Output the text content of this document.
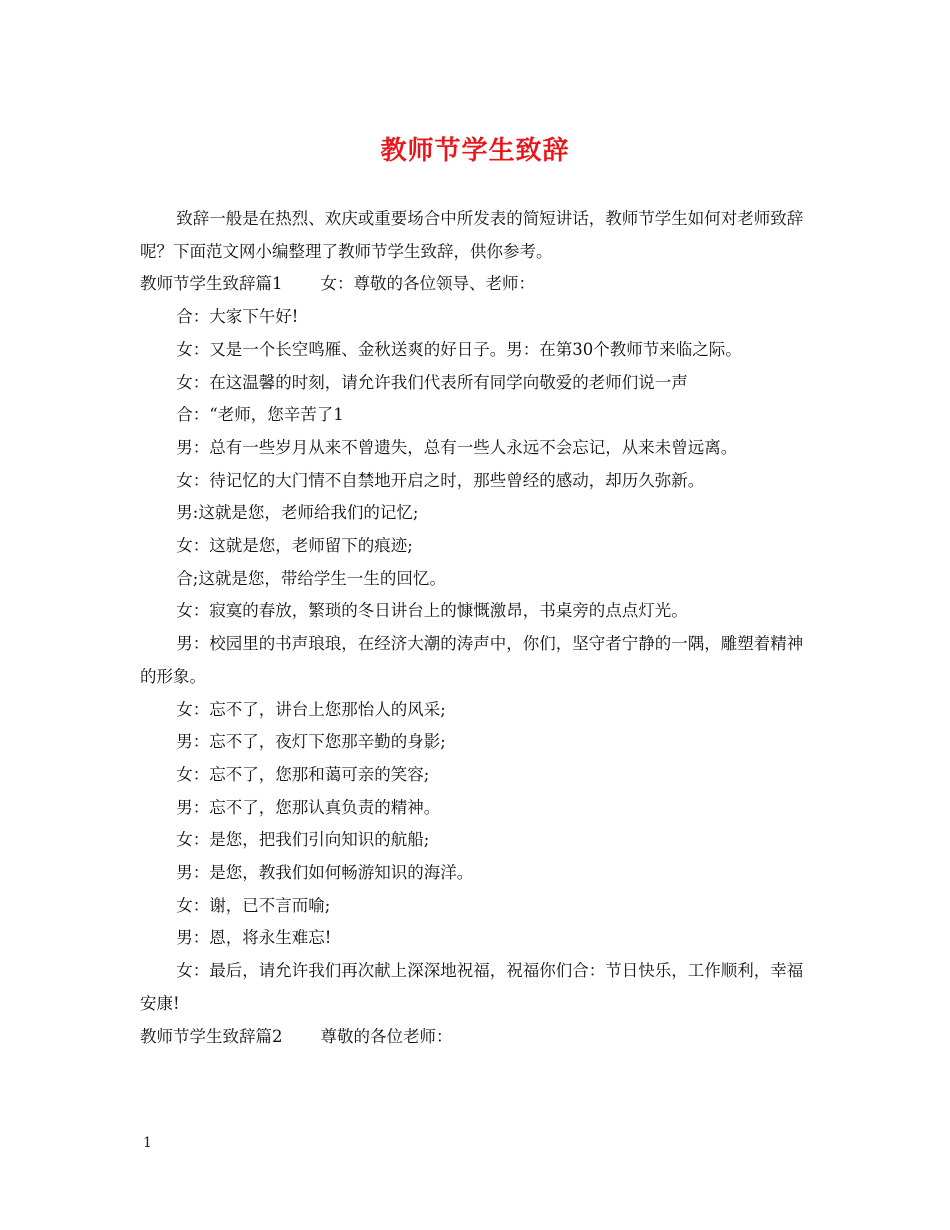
教师节学生致辞

致辞一般是在热烈、欢庆或重要场合中所发表的简短讲话，教师节学生如何对老师致辞呢？下面范文网小编整理了教师节学生致辞，供你参考。

教师节学生致辞篇1 女：尊敬的各位领导、老师：

合：大家下午好!

女：又是一个长空鸣雁、金秋送爽的好日子。男：在第30个教师节来临之际。

女：在这温馨的时刻，请允许我们代表所有同学向敬爱的老师们说一声

合：“老师，您辛苦了1

男：总有一些岁月从来不曾遗失，总有一些人永远不会忘记，从来未曾远离。

女：待记忆的大门情不自禁地开启之时，那些曾经的感动，却历久弥新。

男:这就是您，老师给我们的记忆;

女：这就是您，老师留下的痕迹;

合;这就是您，带给学生一生的回忆。

女：寂寞的春放，繁琐的冬日讲台上的慷慨激昂，书桌旁的点点灯光。

男：校园里的书声琅琅，在经济大潮的涛声中，你们，坚守者宁静的一隅，雕塑着精神的形象。

女：忘不了，讲台上您那怡人的风采;

男：忘不了，夜灯下您那辛勤的身影;

女：忘不了，您那和蔼可亲的笑容;

男：忘不了，您那认真负责的精神。

女：是您，把我们引向知识的航船;

男：是您，教我们如何畅游知识的海洋。

女：谢，已不言而喻;

男：恩，将永生难忘!

女：最后，请允许我们再次献上深深地祝福，祝福你们合：节日快乐，工作顺利，幸福安康!

教师节学生致辞篇2 尊敬的各位老师：

1
